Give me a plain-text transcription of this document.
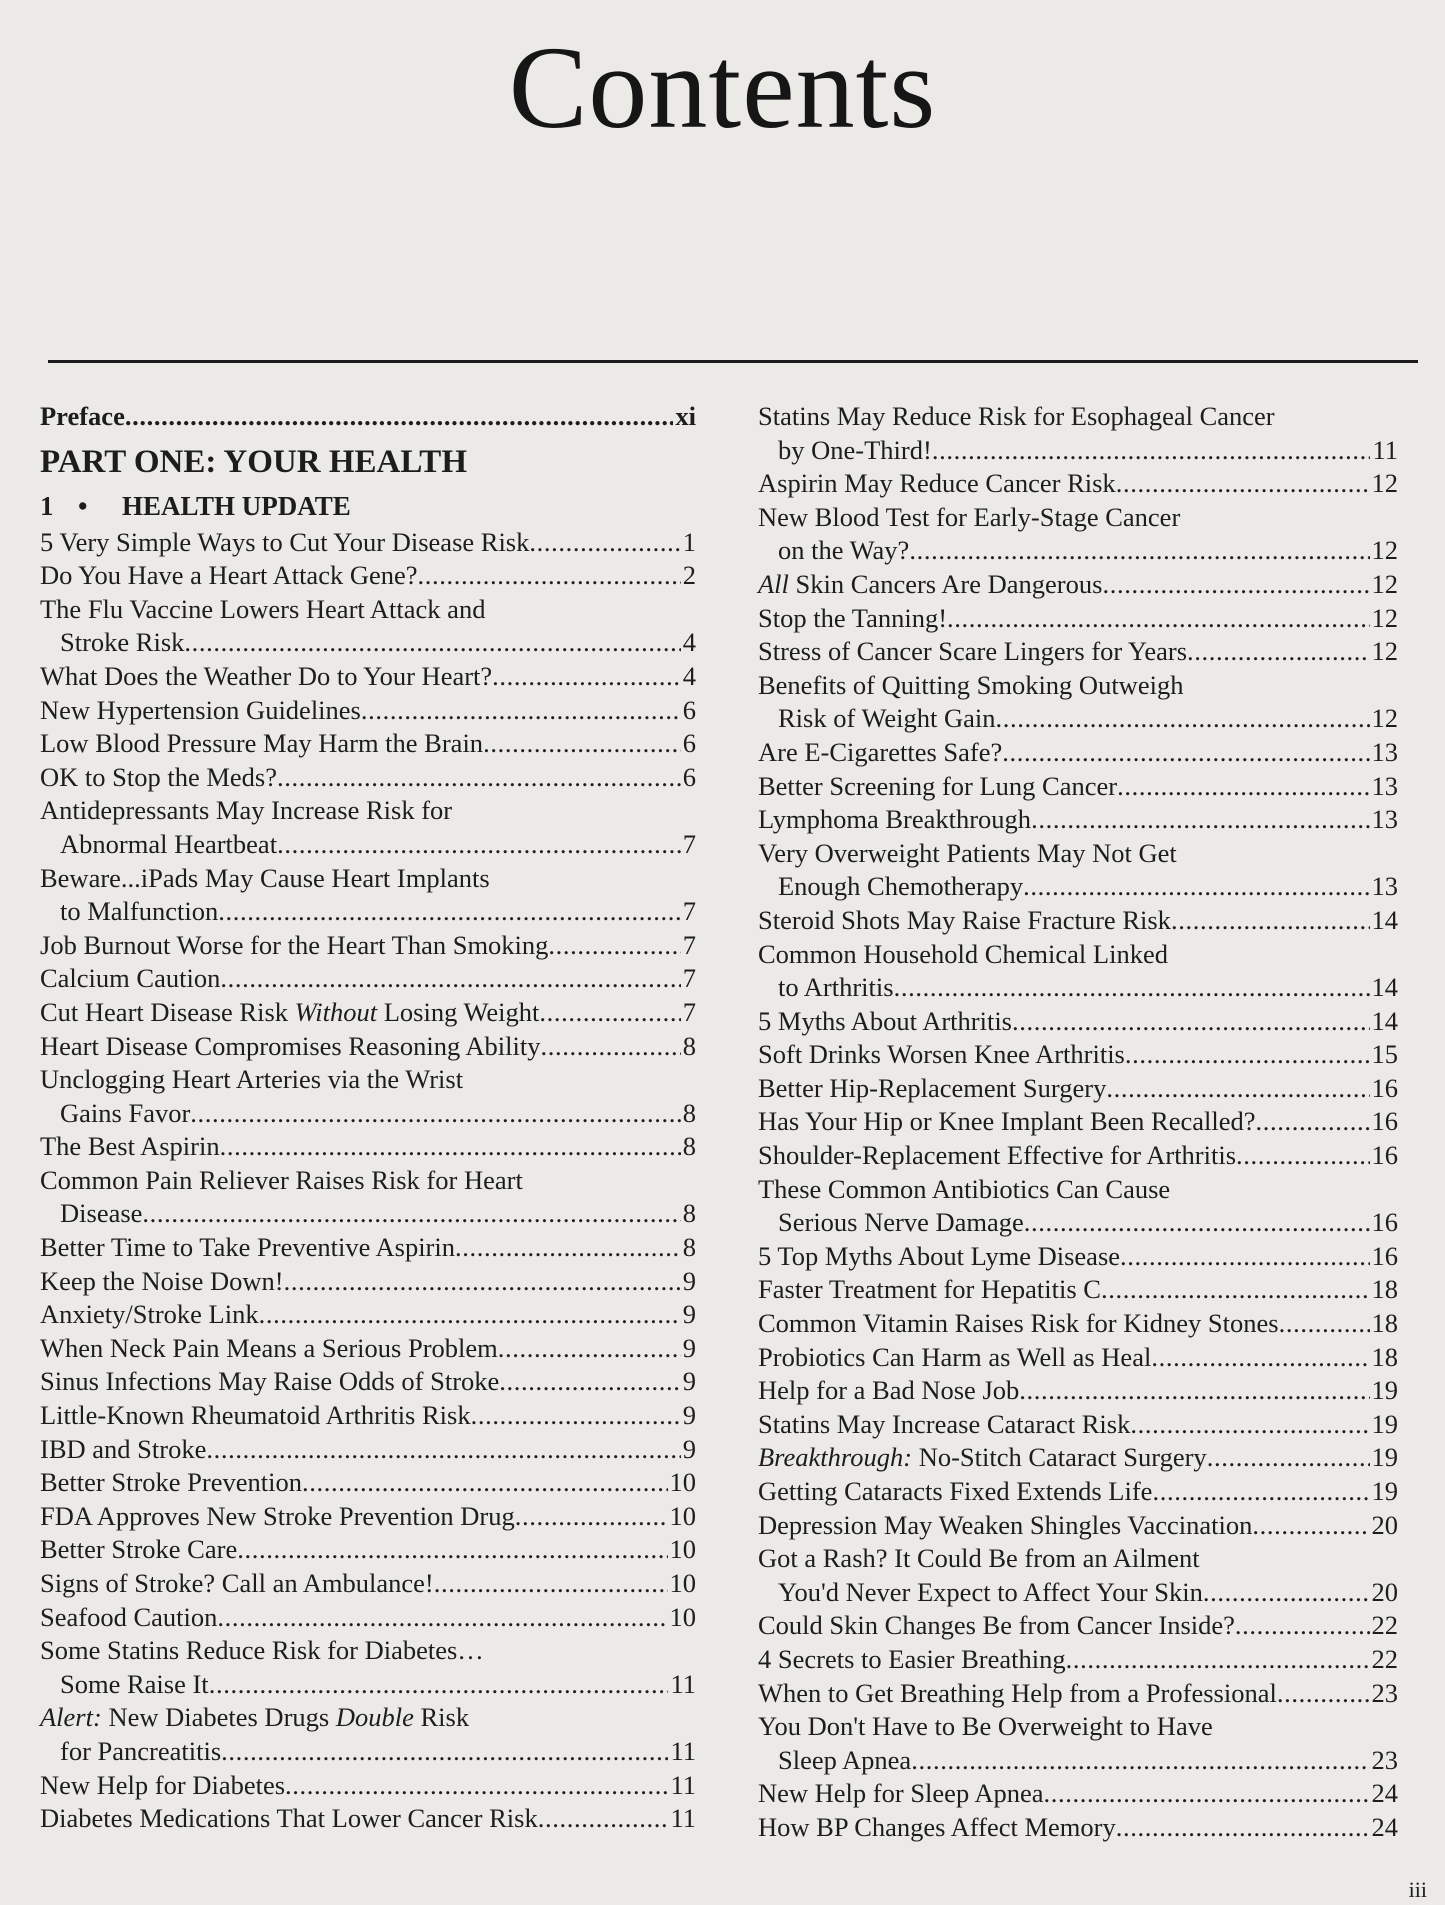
Contents
Preface . . .	xi
PART ONE: YOUR HEALTH
1 • HEALTH UPDATE
5 Very Simple Ways to Cut Your Disease Risk . . .	1
Do You Have a Heart Attack Gene? . . .	2
The Flu Vaccine Lowers Heart Attack and
Stroke Risk . . .	4
What Does the Weather Do to Your Heart? . . .	4
New Hypertension Guidelines . . .	6
Low Blood Pressure May Harm the Brain . . .	6
OK to Stop the Meds? . . .	6
Antidepressants May Increase Risk for
Abnormal Heartbeat . . .	7
Beware...iPads May Cause Heart Implants
to Malfunction . . .	7
Job Burnout Worse for the Heart Than Smoking . . .	7
Calcium Caution . . .	7
Cut Heart Disease Risk Without Losing Weight . . .	7
Heart Disease Compromises Reasoning Ability . . .	8
Unclogging Heart Arteries via the Wrist
Gains Favor . . .	8
The Best Aspirin . . .	8
Common Pain Reliever Raises Risk for Heart
Disease . . .	8
Better Time to Take Preventive Aspirin . . .	8
Keep the Noise Down! . . .	9
Anxiety/Stroke Link . . .	9
When Neck Pain Means a Serious Problem . . .	9
Sinus Infections May Raise Odds of Stroke . . .	9
Little-Known Rheumatoid Arthritis Risk . . .	9
IBD and Stroke . . .	9
Better Stroke Prevention . . .	10
FDA Approves New Stroke Prevention Drug . . .	10
Better Stroke Care . . .	10
Signs of Stroke? Call an Ambulance! . . .	10
Seafood Caution . . .	10
Some Statins Reduce Risk for Diabetes…
Some Raise It . . .	11
Alert: New Diabetes Drugs Double Risk
for Pancreatitis . . .	11
New Help for Diabetes . . .	11
Diabetes Medications That Lower Cancer Risk . . .	11
Statins May Reduce Risk for Esophageal Cancer
by One-Third! . . .	11
Aspirin May Reduce Cancer Risk . . .	12
New Blood Test for Early-Stage Cancer
on the Way? . . .	12
All Skin Cancers Are Dangerous . . .	12
Stop the Tanning! . . .	12
Stress of Cancer Scare Lingers for Years . . .	12
Benefits of Quitting Smoking Outweigh
Risk of Weight Gain . . .	12
Are E-Cigarettes Safe? . . .	13
Better Screening for Lung Cancer . . .	13
Lymphoma Breakthrough . . .	13
Very Overweight Patients May Not Get
Enough Chemotherapy . . .	13
Steroid Shots May Raise Fracture Risk . . .	14
Common Household Chemical Linked
to Arthritis . . .	14
5 Myths About Arthritis . . .	14
Soft Drinks Worsen Knee Arthritis . . .	15
Better Hip-Replacement Surgery . . .	16
Has Your Hip or Knee Implant Been Recalled? . . .	16
Shoulder-Replacement Effective for Arthritis . . .	16
These Common Antibiotics Can Cause
Serious Nerve Damage . . .	16
5 Top Myths About Lyme Disease . . .	16
Faster Treatment for Hepatitis C . . .	18
Common Vitamin Raises Risk for Kidney Stones . . .	18
Probiotics Can Harm as Well as Heal . . .	18
Help for a Bad Nose Job . . .	19
Statins May Increase Cataract Risk . . .	19
Breakthrough: No-Stitch Cataract Surgery . . .	19
Getting Cataracts Fixed Extends Life . . .	19
Depression May Weaken Shingles Vaccination . . .	20
Got a Rash? It Could Be from an Ailment
You'd Never Expect to Affect Your Skin . . .	20
Could Skin Changes Be from Cancer Inside? . . .	22
4 Secrets to Easier Breathing . . .	22
When to Get Breathing Help from a Professional . . .	23
You Don't Have to Be Overweight to Have
Sleep Apnea . . .	23
New Help for Sleep Apnea . . .	24
How BP Changes Affect Memory . . .	24
iii
